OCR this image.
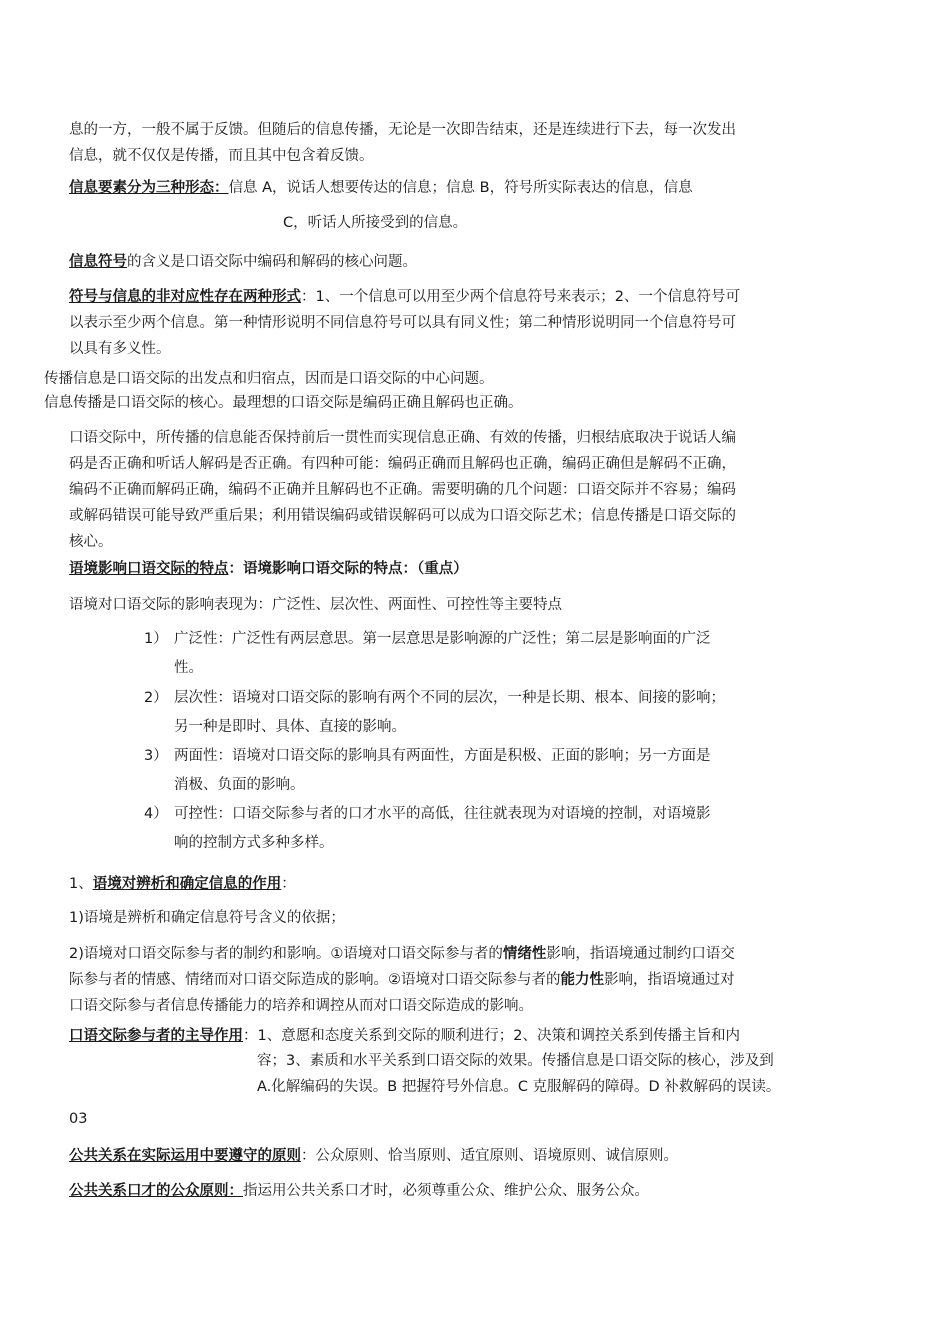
息的一方，一般不属于反馈。但随后的信息传播，无论是一次即告结束，还是连续进行下去，每一次发出
信息，就不仅仅是传播，而且其中包含着反馈。
信息要素分为三种形态：信息 A，说话人想要传达的信息；信息 B，符号所实际表达的信息，信息
C，听话人所接受到的信息。
信息符号的含义是口语交际中编码和解码的核心问题。
符号与信息的非对应性存在两种形式：1、一个信息可以用至少两个信息符号来表示；2、一个信息符号可
以表示至少两个信息。第一种情形说明不同信息符号可以具有同义性；第二种情形说明同一个信息符号可
以具有多义性。
传播信息是口语交际的出发点和归宿点，因而是口语交际的中心问题。
信息传播是口语交际的核心。最理想的口语交际是编码正确且解码也正确。
口语交际中，所传播的信息能否保持前后一贯性而实现信息正确、有效的传播，归根结底取决于说话人编
码是否正确和听话人解码是否正确。有四种可能：编码正确而且解码也正确，编码正确但是解码不正确，
编码不正确而解码正确，编码不正确并且解码也不正确。需要明确的几个问题：口语交际并不容易；编码
或解码错误可能导致严重后果；利用错误编码或错误解码可以成为口语交际艺术；信息传播是口语交际的
核心。
语境影响口语交际的特点：语境影响口语交际的特点：（重点）
语境对口语交际的影响表现为：广泛性、层次性、两面性、可控性等主要特点
1） 广泛性：广泛性有两层意思。第一层意思是影响源的广泛性；第二层是影响面的广泛
性。
2） 层次性：语境对口语交际的影响有两个不同的层次，一种是长期、根本、间接的影响；
另一种是即时、具体、直接的影响。
3） 两面性：语境对口语交际的影响具有两面性，方面是积极、正面的影响；另一方面是
消极、负面的影响。
4） 可控性：口语交际参与者的口才水平的高低，往往就表现为对语境的控制，对语境影
响的控制方式多种多样。
1、语境对辨析和确定信息的作用：
1)语境是辨析和确定信息符号含义的依据；
2)语境对口语交际参与者的制约和影响。①语境对口语交际参与者的情绪性影响，指语境通过制约口语交
际参与者的情感、情绪而对口语交际造成的影响。②语境对口语交际参与者的能力性影响，指语境通过对
口语交际参与者信息传播能力的培养和调控从而对口语交际造成的影响。
口语交际参与者的主导作用：1、意愿和态度关系到交际的顺利进行；2、决策和调控关系到传播主旨和内
容；3、素质和水平关系到口语交际的效果。传播信息是口语交际的核心，涉及到
A.化解编码的失误。B 把握符号外信息。C 克服解码的障碍。D 补救解码的误读。
03
公共关系在实际运用中要遵守的原则：公众原则、恰当原则、适宜原则、语境原则、诚信原则。
公共关系口才的公众原则：指运用公共关系口才时，必须尊重公众、维护公众、服务公众。
